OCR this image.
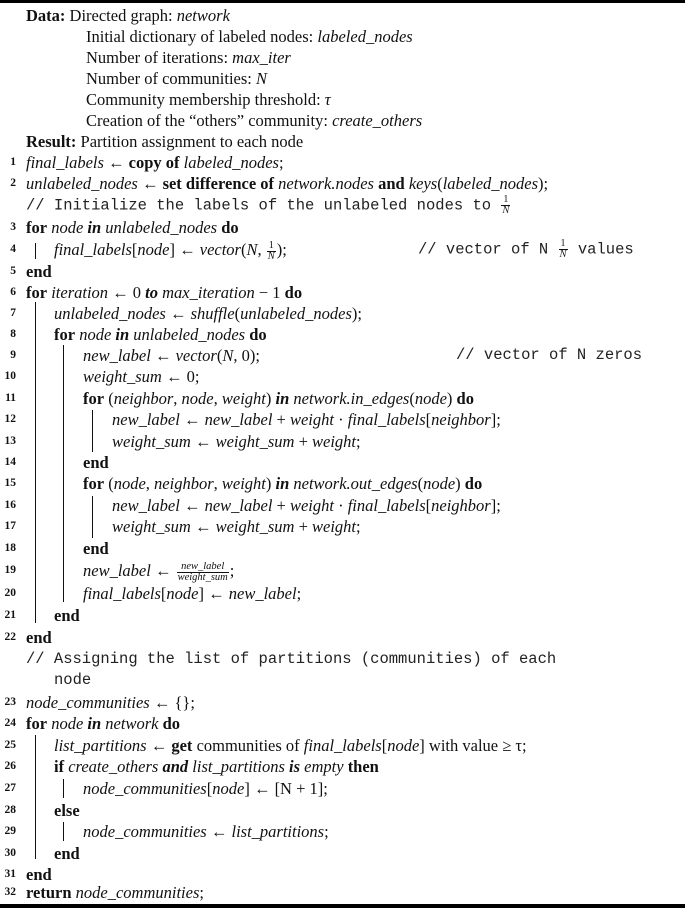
Data: Directed graph: network
Initial dictionary of labeled nodes: labeled_nodes
Number of iterations: max_iter
Number of communities: N
Community membership threshold: τ
Creation of the “others” community: create_others
Result: Partition assignment to each node
1 final_labels ← copy of labeled_nodes;
2 unlabeled_nodes ← set difference of network.nodes and keys(labeled_nodes);
// Initialize the labels of the unlabeled nodes to $\frac{1}{N}$
3 for node in unlabeled_nodes do
4 final_labels[node] ← vector(N, $\frac{1}{N}$ );	// vector of N $\frac{1}{N}$ values
5 end
6 for iteration ← 0 to max_iteration − 1 do
7 unlabeled_nodes ← shuffle(unlabeled_nodes);
8 for node in unlabeled_nodes do
9	new_label ← vector(N, 0);	// vector of N zeros
10	weight_sum ← 0;
11	for (neighbor, node, weight) in network.in_edges(node) do
12	new_label ← new_label + weight · final_labels[neighbor];
13	weight_sum ← weight_sum + weight;
14	end
15	for (node, neighbor, weight) in network.out_edges(node) do
16	new_label ← new_label + weight · final_labels[neighbor];
17	weight_sum ← weight_sum + weight;
18	end
19	new_label ← $\frac{\text{new\_label}}{\text{weight\_sum}}$ ;
20	final_labels[node] ← new_label;
21 end
22 end
// Assigning the list of partitions (communities) of each
node
23 node_communities ← {};
24 for node in network do
25 list_partitions ← get communities of final_labels[node] with value ≥ τ;
26 if create_others and list_partitions is empty then
27	node_communities[node] ← [N + 1];
28 else
29	node_communities ← list_partitions;
30 end
31 end
32 return node_communities;
